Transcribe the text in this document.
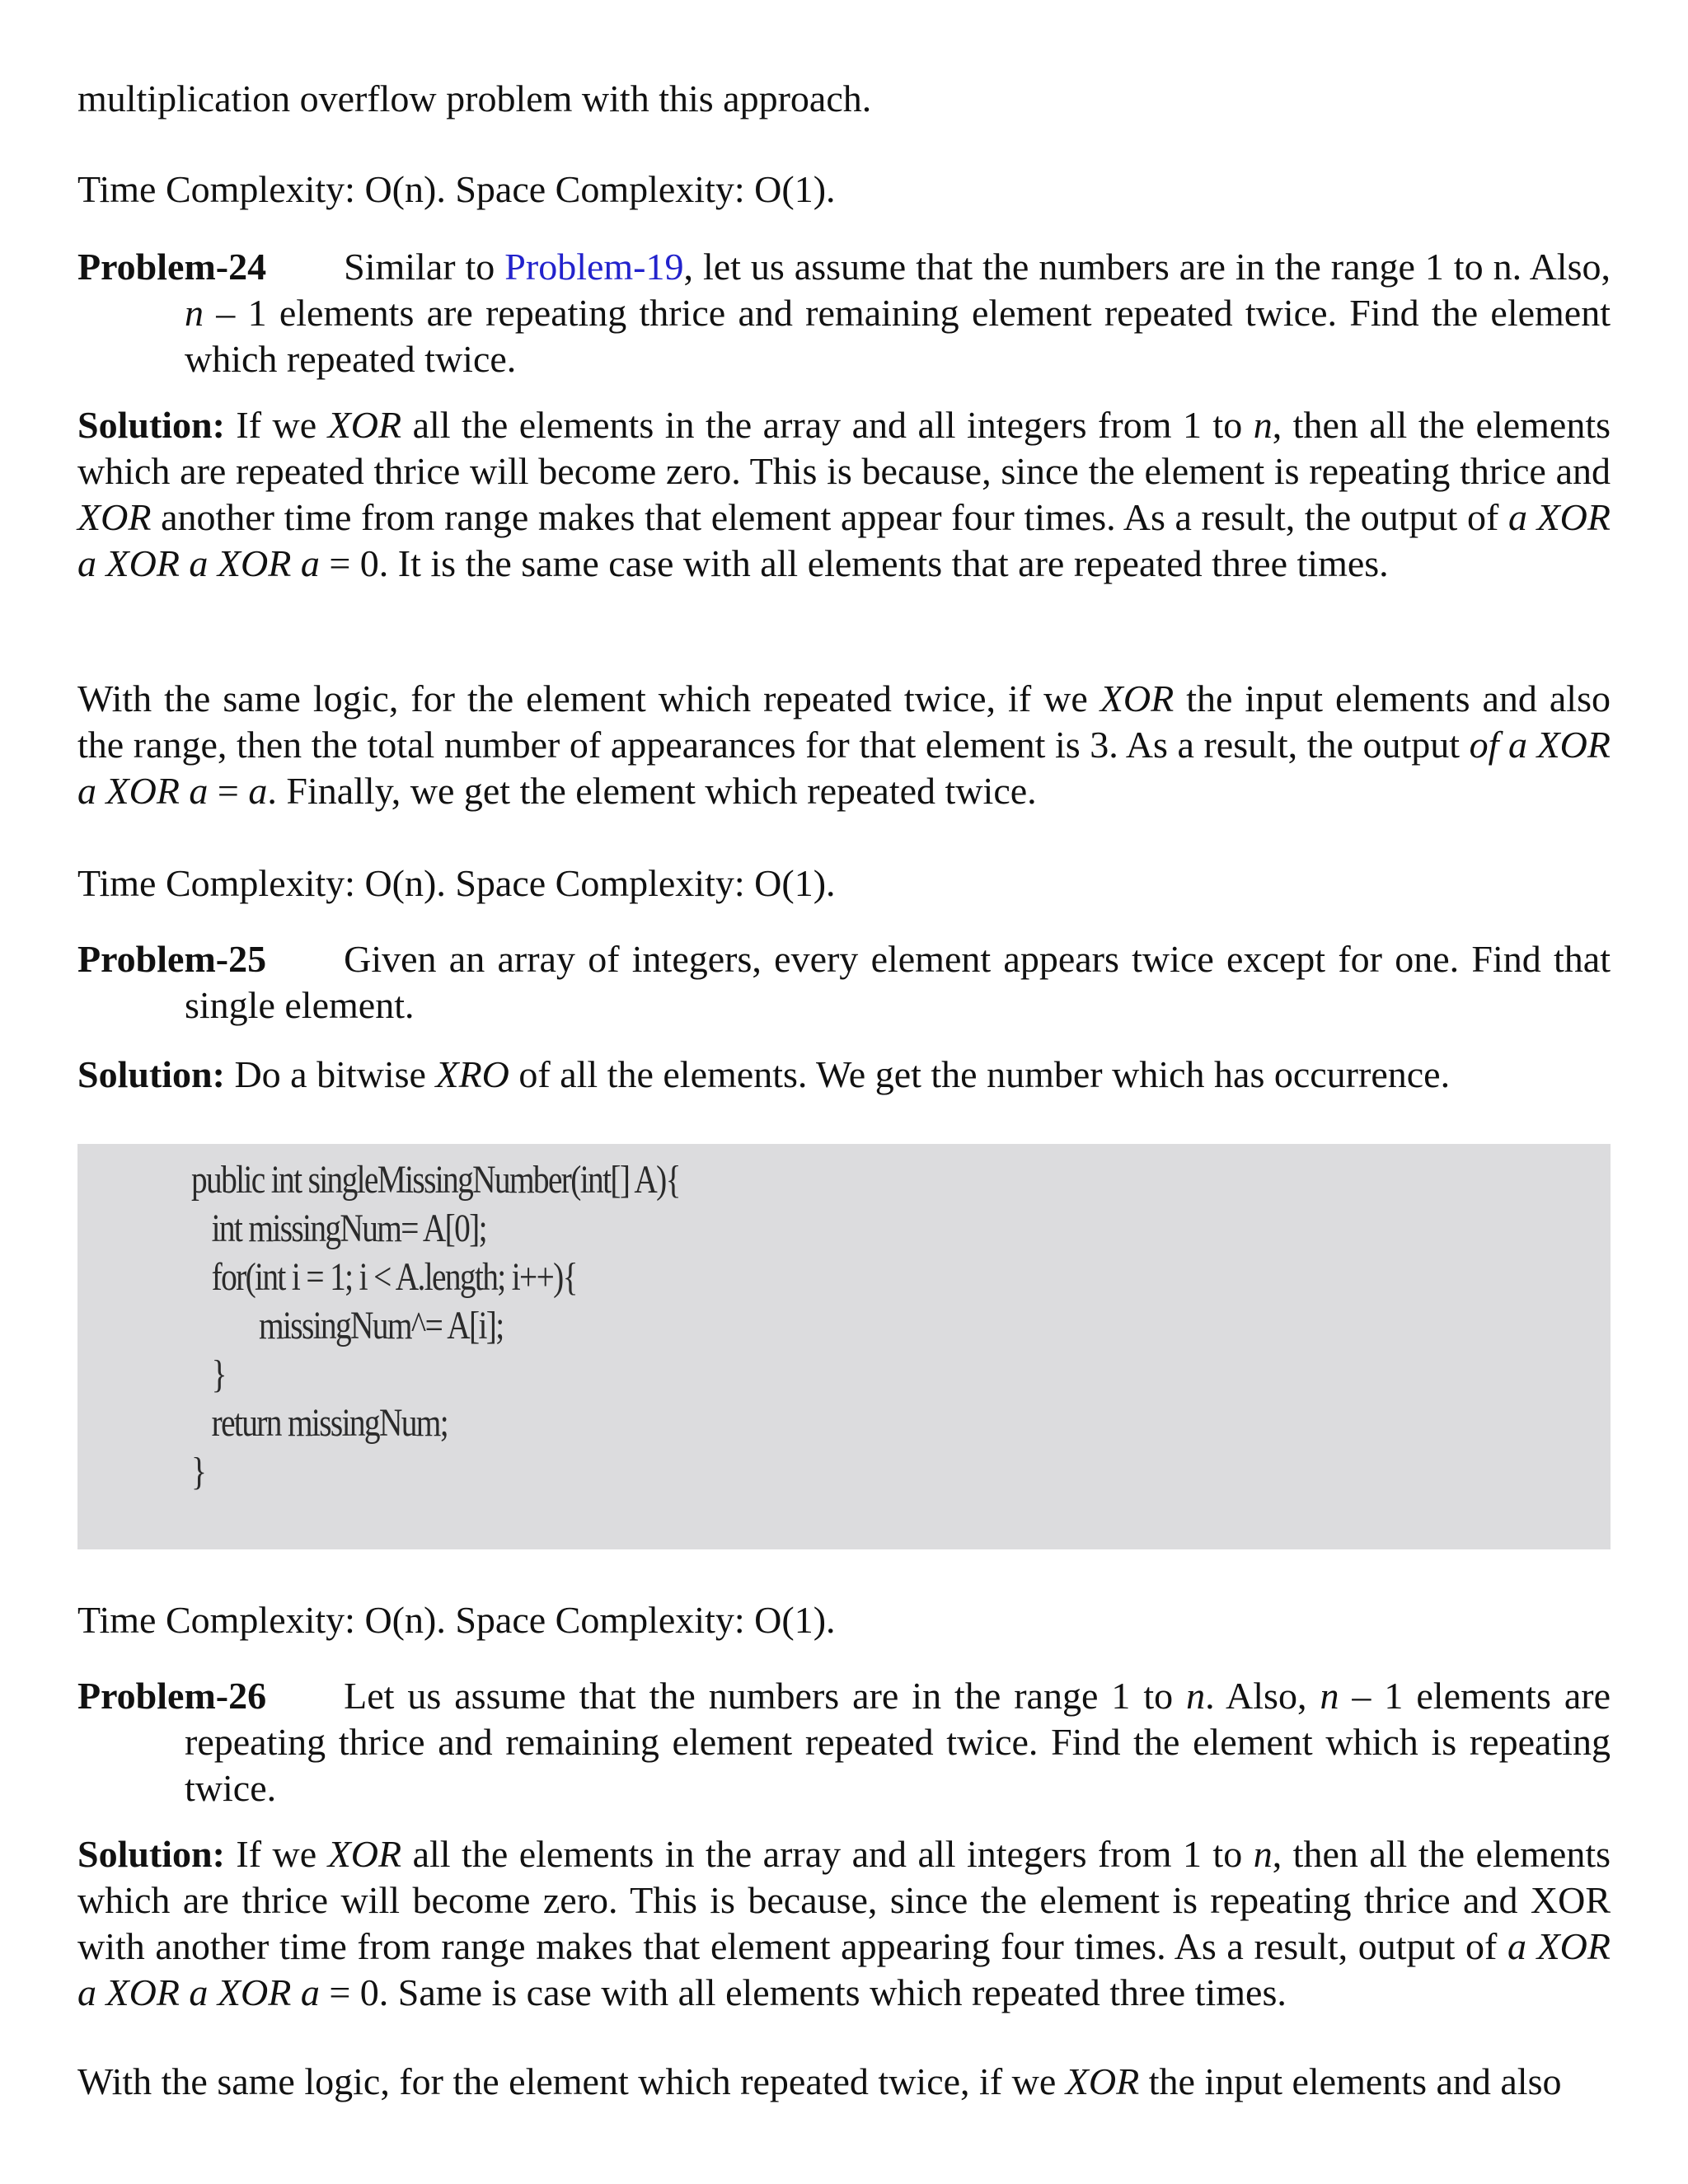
multiplication overflow problem with this approach.

Time Complexity: O(n). Space Complexity: O(1).

Problem-24 Similar to Problem-19, let us assume that the numbers are in the range 1 to n. Also, n – 1 elements are repeating thrice and remaining element repeated twice. Find the element which repeated twice.

Solution: If we XOR all the elements in the array and all integers from 1 to n, then all the elements which are repeated thrice will become zero. This is because, since the element is repeating thrice and XOR another time from range makes that element appear four times. As a result, the output of a XOR a XOR a XOR a = 0. It is the same case with all elements that are repeated three times.

With the same logic, for the element which repeated twice, if we XOR the input elements and also the range, then the total number of appearances for that element is 3. As a result, the output of a XOR a XOR a = a. Finally, we get the element which repeated twice.

Time Complexity: O(n). Space Complexity: O(1).

Problem-25 Given an array of integers, every element appears twice except for one. Find that single element.

Solution: Do a bitwise XRO of all the elements. We get the number which has occurrence.

public int singleMissingNumber(int[] A){
int missingNum= A[0];
for(int i = 1; i < A.length; i++){
missingNum^= A[i];
}
return missingNum;
}

Time Complexity: O(n). Space Complexity: O(1).

Problem-26 Let us assume that the numbers are in the range 1 to n. Also, n – 1 elements are repeating thrice and remaining element repeated twice. Find the element which is repeating twice.

Solution: If we XOR all the elements in the array and all integers from 1 to n, then all the elements which are thrice will become zero. This is because, since the element is repeating thrice and XOR with another time from range makes that element appearing four times. As a result, output of a XOR a XOR a XOR a = 0. Same is case with all elements which repeated three times.

With the same logic, for the element which repeated twice, if we XOR the input elements and also
